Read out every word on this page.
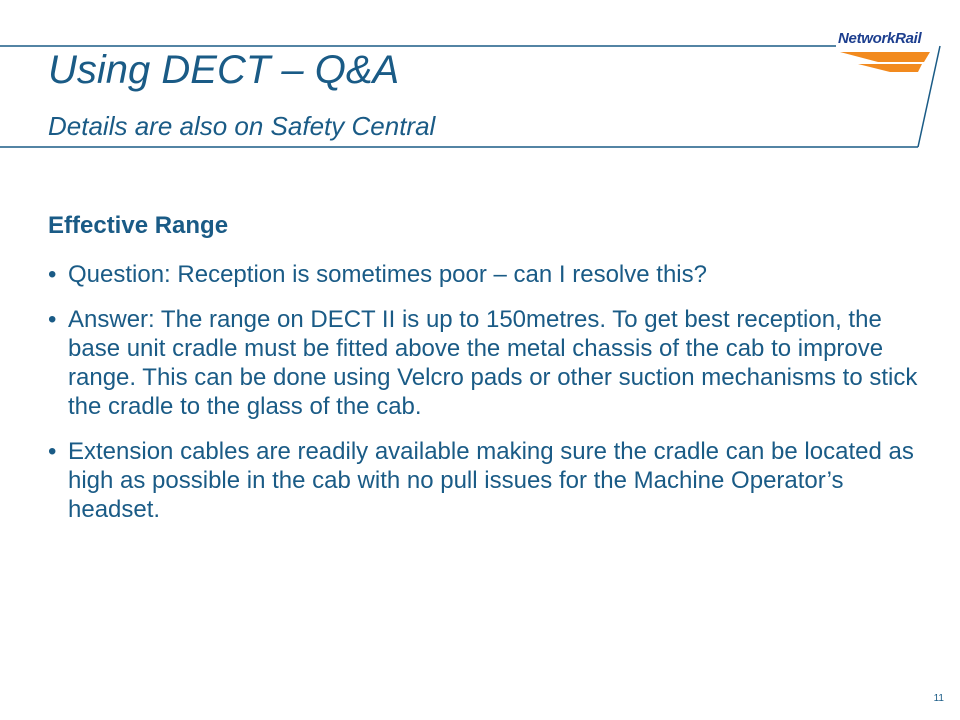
NetworkRail
Using DECT – Q&A
Details are also on Safety Central
Effective Range
• Question: Reception is sometimes poor – can I resolve this?
• Answer: The range on DECT II is up to 150metres. To get best reception, the base unit cradle must be fitted above the metal chassis of the cab to improve range. This can be done using Velcro pads or other suction mechanisms to stick the cradle to the glass of the cab.
• Extension cables are readily available making sure the cradle can be located as high as possible in the cab with no pull issues for the Machine Operator’s headset.
11
